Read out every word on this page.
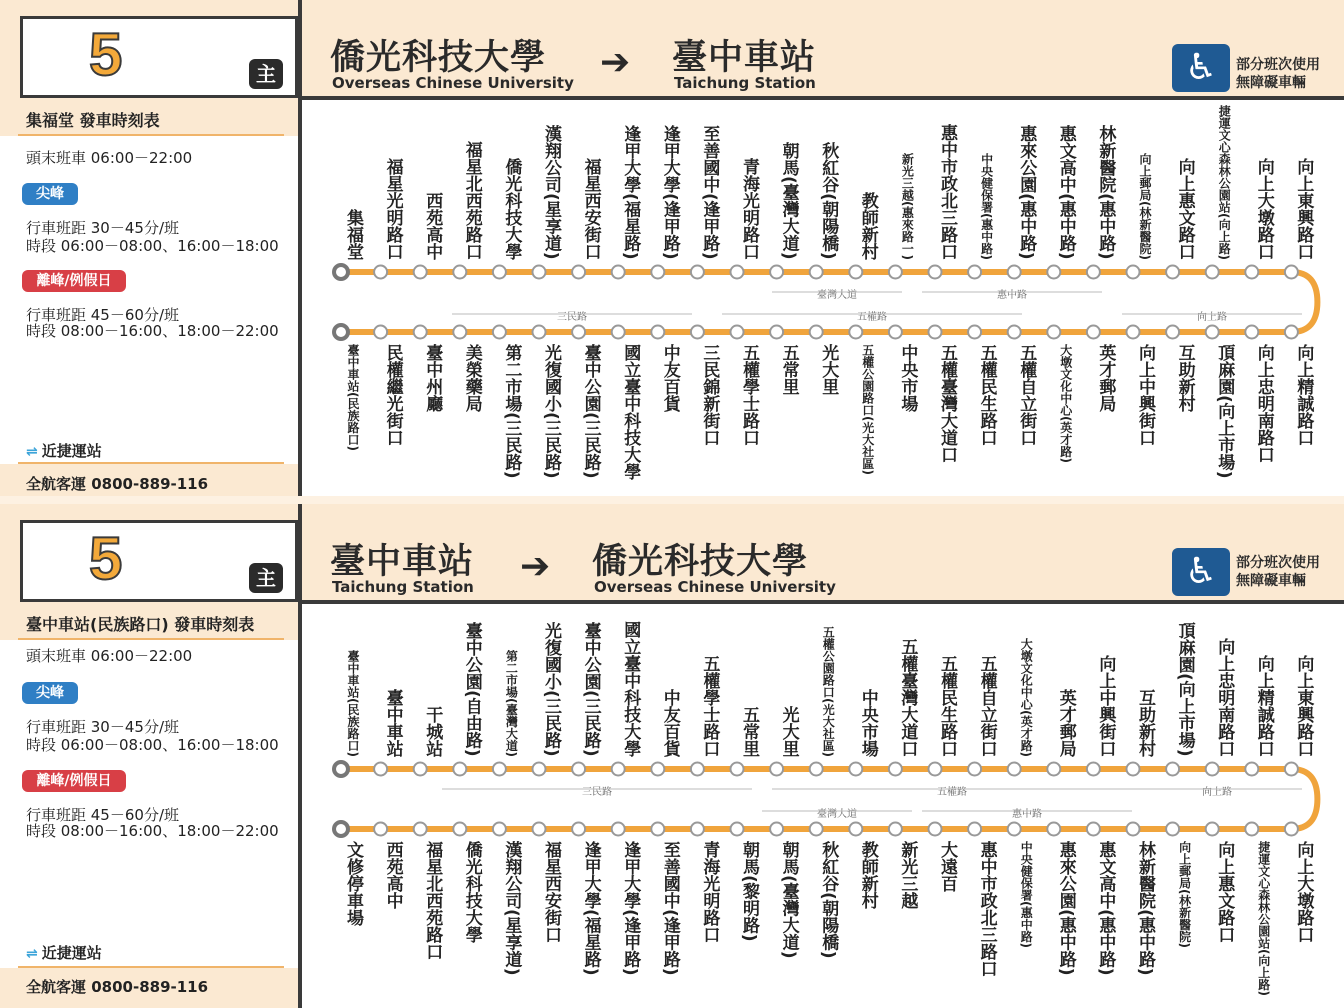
5	主
集福堂 發車時刻表
頭末班車 06:00－22:00
尖峰
行車班距 30－45分/班
時段 06:00－08:00、16:00－18:00
離峰/例假日
行車班距 45－60分/班
時段 08:00－16:00、18:00－22:00
⇌ 近捷運站
全航客運 0800-889-116
僑光科技大學
Overseas Chinese University ➔ 臺中車站
Taichung Station	♿	部分班次使用
無障礙車輛
臺灣大道	惠中路
三民路	五權路	向上路
集福堂 福星光明路口 西苑高中 福星北西苑路口 僑光科技大學 漢翔公司(星享道) 福星西安街口 逢甲大學(福星路) 逢甲大學(逢甲路) 至善國中(逢甲路) 青海光明路口 朝馬(臺灣大道) 秋紅谷(朝陽橋) 教師新村	新光三越(惠來路一) 惠中市政北三路口	中央健保署(惠中路) 惠來公園(惠中路) 惠文高中(惠中路) 林新醫院(惠中路)	向上郵局(林新醫院) 向上惠文路口	捷運文心森林公園站(向上路) 向上大墩路口 向上東興路口
臺中車站(民族路口) 民權繼光街口 臺中州廳 美榮藥局 第二市場(三民路) 光復國小(三民路) 臺中公園(三民路) 國立臺中科技大學 中友百貨 三民錦新街口 五權學士路口 五常里 光大里	五權公園路口(光大社區) 中央市場 五權臺灣大道口 五權民生路口 五權自立街口	大墩文化中心(英才路) 英才郵局 向上中興街口 互助新村 頂麻園(向上市場) 向上忠明南路口 向上精誠路口
5	主
臺中車站(民族路口) 發車時刻表
頭末班車 06:00－22:00
尖峰
行車班距 30－45分/班
時段 06:00－08:00、16:00－18:00
離峰/例假日
行車班距 45－60分/班
時段 08:00－16:00、18:00－22:00
⇌ 近捷運站
全航客運 0800-889-116
臺中車站
Taichung Station ➔ 僑光科技大學
Overseas Chinese University	♿	部分班次使用
無障礙車輛
三民路	五權路	向上路
臺灣大道	惠中路
臺中車站(民族路口) 臺中車站 干城站 臺中公園(自由路)	第二市場(臺灣大道) 光復國小(三民路) 臺中公園(三民路) 國立臺中科技大學 中友百貨 五權學士路口 五常里 光大里	五權公園路口(光大社區) 中央市場 五權臺灣大道口 五權民生路口 五權自立街口	大墩文化中心(英才路) 英才郵局 向上中興街口 互助新村 頂麻園(向上市場) 向上忠明南路口 向上精誠路口 向上東興路口
文修停車場 西苑高中 福星北西苑路口 僑光科技大學 漢翔公司(星享道) 福星西安街口 逢甲大學(福星路) 逢甲大學(逢甲路) 至善國中(逢甲路) 青海光明路口 朝馬(黎明路) 朝馬(臺灣大道) 秋紅谷(朝陽橋) 教師新村 新光三越 大遠百 惠中市政北三路口	中央健保署(惠中路) 惠來公園(惠中路) 惠文高中(惠中路) 林新醫院(惠中路)	向上郵局(林新醫院) 向上惠文路口	捷運文心森林公園站(向上路) 向上大墩路口
